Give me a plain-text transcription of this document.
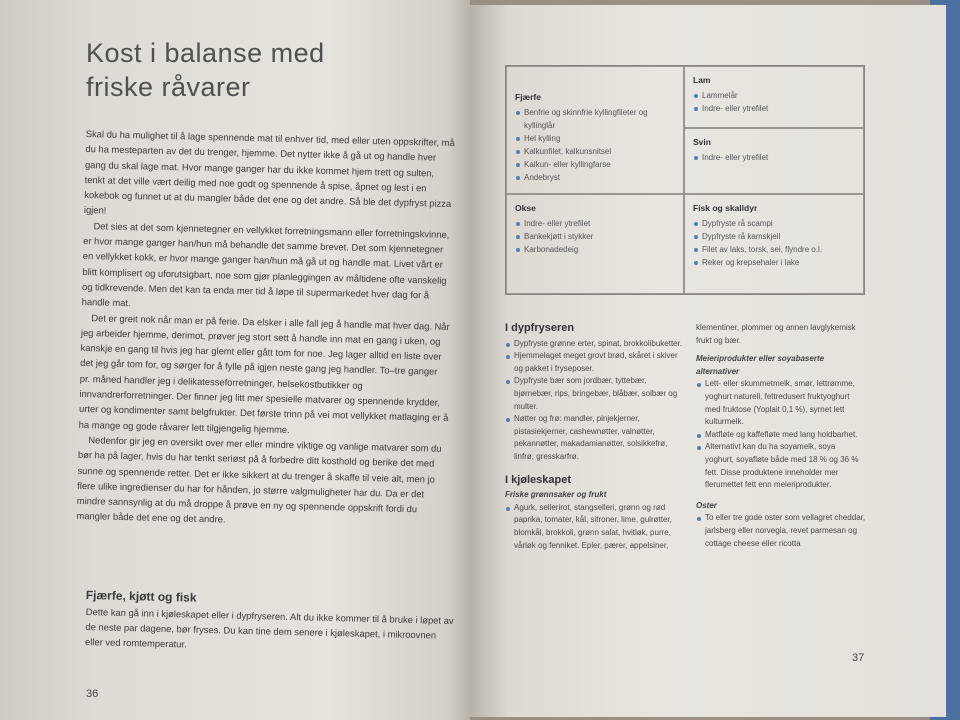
Kost i balanse med
friske råvarer

Skal du ha mulighet til å lage spennende mat til enhver tid, med eller uten oppskrifter, må du ha mesteparten av det du trenger, hjemme. Det nytter ikke å gå ut og handle hver gang du skal lage mat. Hvor mange ganger har du ikke kommet hjem trett og sulten, tenkt at det ville vært deilig med noe godt og spennende å spise, åpnet og lest i en kokebok og funnet ut at du mangler både det ene og det andre. Så ble det dypfryst pizza igjen!

Det sies at det som kjennetegner en vellykket forretningsmann eller forretningskvinne, er hvor mange ganger han/hun må behandle det samme brevet. Det som kjennetegner en vellykket kokk, er hvor mange ganger han/hun må gå ut og handle mat. Livet vårt er blitt komplisert og uforutsigbart, noe som gjør planleggingen av måltidene ofte vanskelig og tidkrevende. Men det kan ta enda mer tid å løpe til supermarkedet hver dag for å handle mat.

Det er greit nok når man er på ferie. Da elsker i alle fall jeg å handle mat hver dag. Når jeg arbeider hjemme, derimot, prøver jeg stort sett å handle inn mat en gang i uken, og kanskje en gang til hvis jeg har glemt eller gått tom for noe. Jeg lager alltid en liste over det jeg går tom for, og sørger for å fylle på igjen neste gang jeg handler. To–tre ganger pr. måned handler jeg i delikatesseforretninger, helsekostbutikker og innvandrerforretninger. Der finner jeg litt mer spesielle matvarer og spennende krydder, urter og kondimenter samt belgfrukter. Det første trinn på vei mot vellykket matlaging er å ha mange og gode råvarer lett tilgjengelig hjemme.

Nedenfor gir jeg en oversikt over mer eller mindre viktige og vanlige matvarer som du bør ha på lager, hvis du har tenkt seriøst på å forbedre ditt kosthold og berike det med sunne og spennende retter. Det er ikke sikkert at du trenger å skaffe til veie alt, men jo flere ulike ingredienser du har for hånden, jo større valgmuligheter har du. Da er det mindre sannsynlig at du må droppe å prøve en ny og spennende oppskrift fordi du mangler både det ene og det andre.

Fjærfe, kjøtt og fisk
Dette kan gå inn i kjøleskapet eller i dypfryseren. Alt du ikke kommer til å bruke i løpet av de neste par dagene, bør fryses. Du kan tine dem senere i kjøleskapet, i mikroovnen eller ved romtemperatur.
36
Fjærfe
Benfrie og skinnfrie kyllingfileter og kyllinglår
Hel kylling
Kalkunfilet, kalkunsnitsel
Kalkun- eller kyllingfarse
Andebryst
Lam
Lammelår
Indre- eller ytrefilet
Svin
Indre- eller ytrefilet
Okse
Indre- eller ytrefilet
Bankekjøtt i stykker
Karbonadedeig
Fisk og skalldyr
Dypfryste rå scampi
Dypfryste rå kamskjell
Filet av laks, torsk, sei, flyndre o.l.
Reker og krepsehaler i lake
I dypfryseren
Dypfryste grønne erter, spinat, brokkolibuketter.
Hjemmelaget meget grovt brød, skåret i skiver og pakket i fryseposer.
Dypfryste bær som jordbær, tyttebær, bjørnebær, rips, bringebær, blåbær, solbær og multer.
Nøtter og frø: mandler, pinjekjerner, pistasiekjerner, cashewnøtter, valnøtter, pekannøtter, makadamianøtter, solsikkefrø, linfrø, gresskarfrø.
I kjøleskapet
Friske grønnsaker og frukt
Agurk, sellerirot, stangselleri, grønn og rød paprika, tomater, kål, sitroner, lime, gulrøtter, blomkål, brokkoli, grønn salat, hvitløk, purre, vårløk og fenniket. Epler, pærer, appelsiner,

klementiner, plommer og annen lavglykemisk frukt og bær.

Meieriprodukter eller soyabaserte alternativer
Lett- eller skummetmelk, smør, lettrømme, yoghurt naturell, fettredusert fruktyoghurt med fruktose (Yoplait 0,1 %), syrnet lett kulturmelk.
Matfløte og kaffefløte med lang holdbarhet.
Alternativt kan du ha soyamelk, soya yoghurt, soyafløte både med 18 % og 36 % fett. Disse produktene inneholder mer flerumettet fett enn meieriprodukter.
Oster
To eller tre gode oster som vellagret cheddar, jarlsberg eller norvegia, revet parmesan og cottage cheese eller ricotta
37
